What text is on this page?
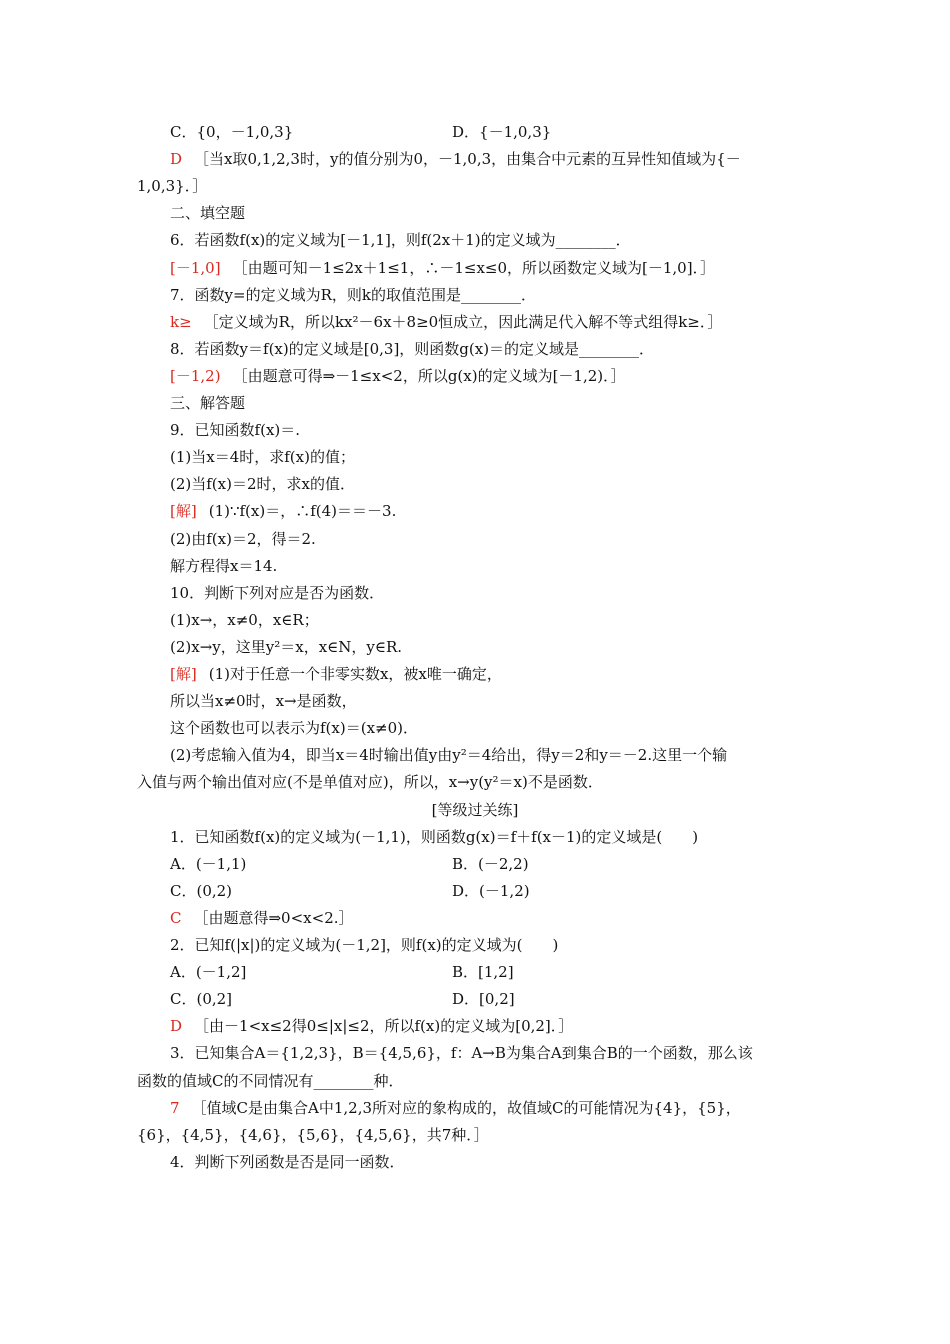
C．{0，－1,0,3}	D．{－1,0,3}
D ［当x取0,1,2,3时，y的值分别为0，－1,0,3，由集合中元素的互异性知值域为{－
1,0,3}．］
二、填空题
6．若函数f(x)的定义域为[－1,1]，则f(2x＋1)的定义域为________．
[－1,0] ［由题可知－1≤2x＋1≤1，∴－1≤x≤0，所以函数定义域为[－1,0]．］
7．函数y=的定义域为R，则k的取值范围是________．
k≥ ［定义域为R，所以kx²－6x＋8≥0恒成立，因此满足代入解不等式组得k≥．］
8．若函数y＝f(x)的定义域是[0,3]，则函数g(x)＝的定义域是________．
[－1,2) ［由题意可得⇒－1≤x<2，所以g(x)的定义域为[－1,2)．］
三、解答题
9．已知函数f(x)＝.
(1)当x＝4时，求f(x)的值；
(2)当f(x)＝2时，求x的值．
[解] (1)∵f(x)＝，∴f(4)＝＝－3.
(2)由f(x)＝2，得＝2.
解方程得x＝14.
10．判断下列对应是否为函数．
(1)x→，x≠0，x∈R；
(2)x→y，这里y²＝x，x∈N，y∈R.
[解] (1)对于任意一个非零实数x，被x唯一确定，
所以当x≠0时，x→是函数，
这个函数也可以表示为f(x)＝(x≠0)．
(2)考虑输入值为4，即当x＝4时输出值y由y²＝4给出，得y＝2和y＝－2.这里一个输
入值与两个输出值对应(不是单值对应)，所以，x→y(y²＝x)不是函数．
[等级过关练]
1．已知函数f(x)的定义域为(－1,1)，则函数g(x)＝f＋f(x－1)的定义域是(　　)
A．(－1,1)	B．(－2,2)
C．(0,2)	D．(－1,2)
C ［由题意得⇒0<x<2.］
2．已知f(|x|)的定义域为(－1,2]，则f(x)的定义域为(　　)
A．(－1,2]	B．[1,2]
C．(0,2]	D．[0,2]
D ［由－1<x≤2得0≤|x|≤2，所以f(x)的定义域为[0,2]．］
3．已知集合A＝{1,2,3}，B＝{4,5,6}，f：A→B为集合A到集合B的一个函数，那么该
函数的值域C的不同情况有________种．
7 ［值域C是由集合A中1,2,3所对应的象构成的，故值域C的可能情况为{4}，{5}，
{6}，{4,5}，{4,6}，{5,6}，{4,5,6}，共7种．］
4．判断下列函数是否是同一函数．
